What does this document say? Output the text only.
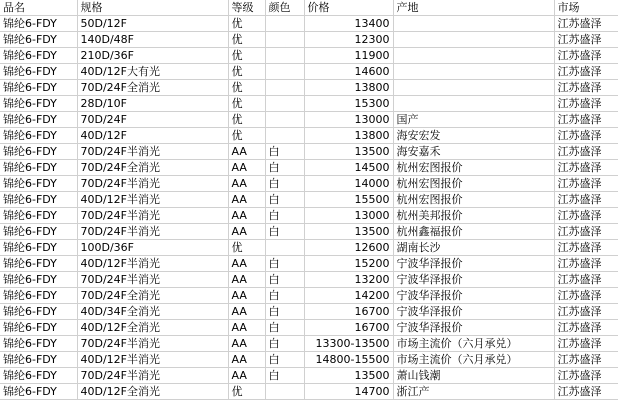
品名	规格	等级	颜色	价格	产地	市场
锦纶6-FDY	50D/12F	优		13400		江苏盛泽
锦纶6-FDY	140D/48F	优		12300		江苏盛泽
锦纶6-FDY	210D/36F	优		11900		江苏盛泽
锦纶6-FDY	40D/12F大有光	优		14600		江苏盛泽
锦纶6-FDY	70D/24F全消光	优		13800		江苏盛泽
锦纶6-FDY	28D/10F	优		15300		江苏盛泽
锦纶6-FDY	70D/24F	优		13000	国产	江苏盛泽
锦纶6-FDY	40D/12F	优		13800	海安宏发	江苏盛泽
锦纶6-FDY	70D/24F半消光	AA	白	13500	海安嘉禾	江苏盛泽
锦纶6-FDY	70D/24F全消光	AA	白	14500	杭州宏图报价	江苏盛泽
锦纶6-FDY	70D/24F半消光	AA	白	14000	杭州宏图报价	江苏盛泽
锦纶6-FDY	40D/12F半消光	AA	白	15500	杭州宏图报价	江苏盛泽
锦纶6-FDY	70D/24F半消光	AA	白	13000	杭州美邦报价	江苏盛泽
锦纶6-FDY	70D/24F半消光	AA	白	13500	杭州鑫福报价	江苏盛泽
锦纶6-FDY	100D/36F	优		12600	湖南长沙	江苏盛泽
锦纶6-FDY	40D/12F半消光	AA	白	15200	宁波华泽报价	江苏盛泽
锦纶6-FDY	70D/24F半消光	AA	白	13200	宁波华泽报价	江苏盛泽
锦纶6-FDY	70D/24F全消光	AA	白	14200	宁波华泽报价	江苏盛泽
锦纶6-FDY	40D/34F全消光	AA	白	16700	宁波华泽报价	江苏盛泽
锦纶6-FDY	40D/12F全消光	AA	白	16700	宁波华泽报价	江苏盛泽
锦纶6-FDY	70D/24F半消光	AA	白	13300-13500	市场主流价（六月承兑）	江苏盛泽
锦纶6-FDY	40D/12F半消光	AA	白	14800-15500	市场主流价（六月承兑）	江苏盛泽
锦纶6-FDY	70D/24F半消光	AA	白	13500	萧山钱潮	江苏盛泽
锦纶6-FDY	40D/12F全消光	优		14700	浙江产	江苏盛泽
